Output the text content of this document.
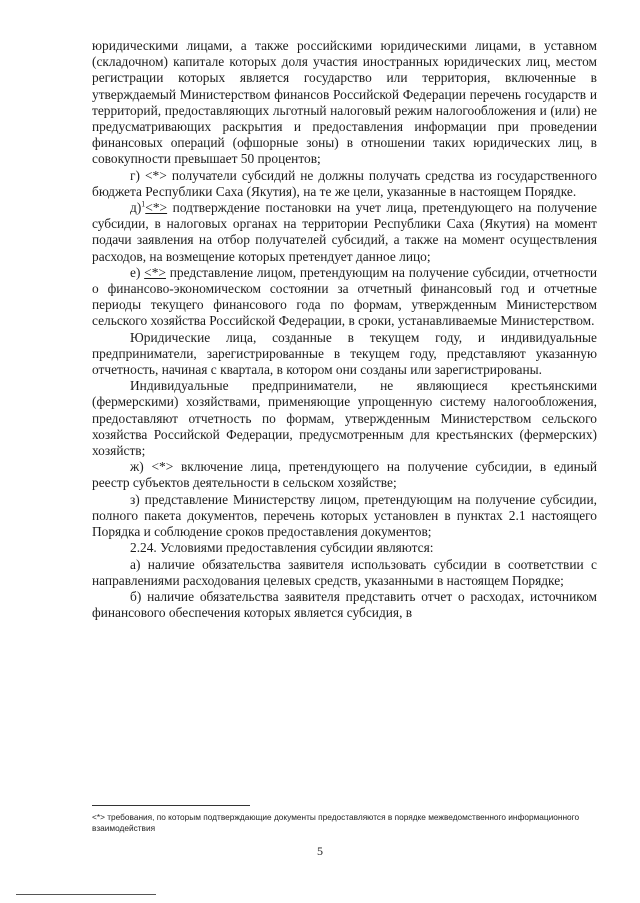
юридическими лицами, а также российскими юридическими лицами, в уставном (складочном) капитале которых доля участия иностранных юридических лиц, местом регистрации которых является государство или территория, включенные в утверждаемый Министерством финансов Российской Федерации перечень государств и территорий, предоставляющих льготный налоговый режим налогообложения и (или) не предусматривающих раскрытия и предоставления информации при проведении финансовых операций (офшорные зоны) в отношении таких юридических лиц, в совокупности превышает 50 процентов;

г) <*> получатели субсидий не должны получать средства из государственного бюджета Республики Саха (Якутия), на те же цели, указанные в настоящем Порядке.

д)$^1$<*> подтверждение постановки на учет лица, претендующего на получение субсидии, в налоговых органах на территории Республики Саха (Якутия) на момент подачи заявления на отбор получателей субсидий, а также на момент осуществления расходов, на возмещение которых претендует данное лицо;

е) <*> представление лицом, претендующим на получение субсидии, отчетности о финансово-экономическом состоянии за отчетный финансовый год и отчетные периоды текущего финансового года по формам, утвержденным Министерством сельского хозяйства Российской Федерации, в сроки, устанавливаемые Министерством.

Юридические лица, созданные в текущем году, и индивидуальные предприниматели, зарегистрированные в текущем году, представляют указанную отчетность, начиная с квартала, в котором они созданы или зарегистрированы.

Индивидуальные предприниматели, не являющиеся крестьянскими (фермерскими) хозяйствами, применяющие упрощенную систему налогообложения, предоставляют отчетность по формам, утвержденным Министерством сельского хозяйства Российской Федерации, предусмотренным для крестьянских (фермерских) хозяйств;

ж) <*> включение лица, претендующего на получение субсидии, в единый реестр субъектов деятельности в сельском хозяйстве;

з) представление Министерству лицом, претендующим на получение субсидии, полного пакета документов, перечень которых установлен в пунктах 2.1 настоящего Порядка и соблюдение сроков предоставления документов;

2.24. Условиями предоставления субсидии являются:

а) наличие обязательства заявителя использовать субсидии в соответствии с направлениями расходования целевых средств, указанными в настоящем Порядке;

б) наличие обязательства заявителя представить отчет о расходах, источником финансового обеспечения которых является субсидия, в

<*> требования, по которым подтверждающие документы предоставляются в порядке межведомственного информационного взаимодействия
5
